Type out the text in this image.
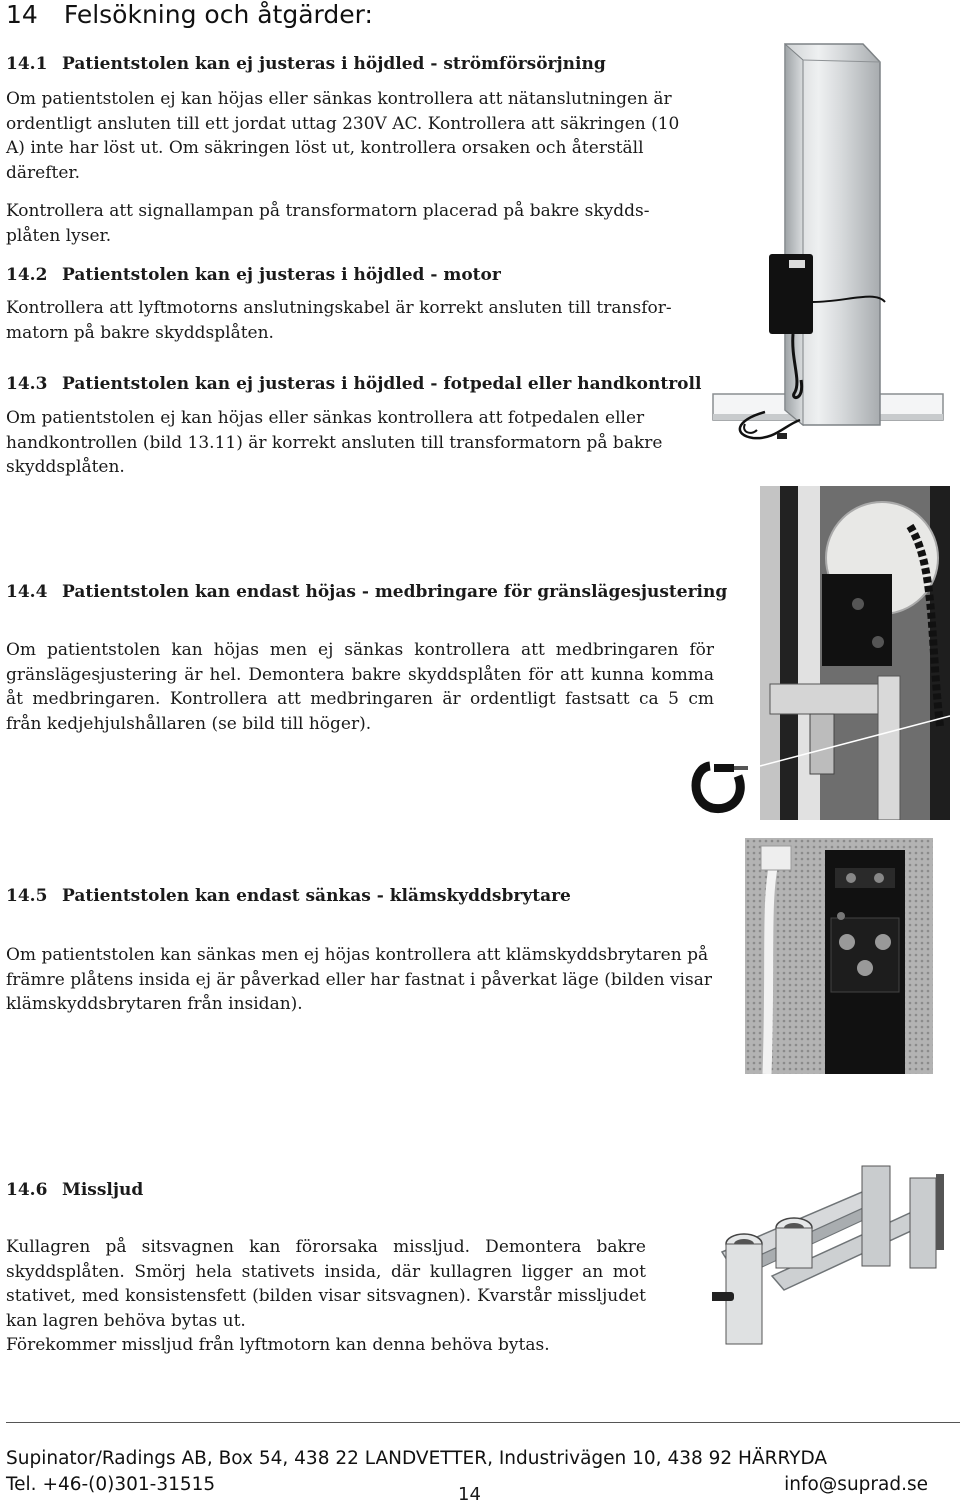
14 Felsökning och åtgärder:
14.1 Patientstolen kan ej justeras i höjdled - strömförsörjning

Om patientstolen ej kan höjas eller sänkas kontrollera att nätanslutningen är ordentligt ansluten till ett jordat uttag 230V AC. Kontrollera att säkringen (10 A) inte har löst ut. Om säkringen löst ut, kontrollera orsaken och återställ därefter.

Kontrollera att signallampan på transformatorn placerad på bakre skydds-plåten lyser.

14.2 Patientstolen kan ej justeras i höjdled - motor

Kontrollera att lyftmotorns anslutningskabel är korrekt ansluten till transfor-matorn på bakre skyddsplåten.

14.3 Patientstolen kan ej justeras i höjdled - fotpedal eller handkontroll

Om patientstolen ej kan höjas eller sänkas kontrollera att fotpedalen eller handkontrollen (bild 13.11) är korrekt ansluten till transformatorn på bakre skyddsplåten.

14.4 Patientstolen kan endast höjas - medbringare för gränslägesjustering

Om patientstolen kan höjas men ej sänkas kontrollera att medbringaren för gränslägesjustering är hel. Demontera bakre skyddsplåten för att kunna komma åt medbringaren. Kontrollera att medbringaren är ordentligt fastsatt ca 5 cm från kedjehjulshållaren (se bild till höger).

14.5 Patientstolen kan endast sänkas - klämskyddsbrytare

Om patientstolen kan sänkas men ej höjas kontrollera att klämskyddsbrytaren på främre plåtens insida ej är påverkad eller har fastnat i påverkat läge (bilden visar klämskyddsbrytaren från insidan).

14.6 Missljud

Kullagren på sitsvagnen kan förorsaka missljud. Demontera bakre skyddsplåten. Smörj hela stativets insida, där kullagren ligger an mot stativet, med konsistensfett (bilden visar sitsvagnen). Kvarstår missljudet kan lagren behöva bytas ut.

Förekommer missljud från lyftmotorn kan denna behöva bytas.

Supinator/Radings AB, Box 54, 438 22 LANDVETTER, Industrivägen 10, 438 92 HÄRRYDA
Tel. +46-(0)301-31515	info@suprad.se
14
